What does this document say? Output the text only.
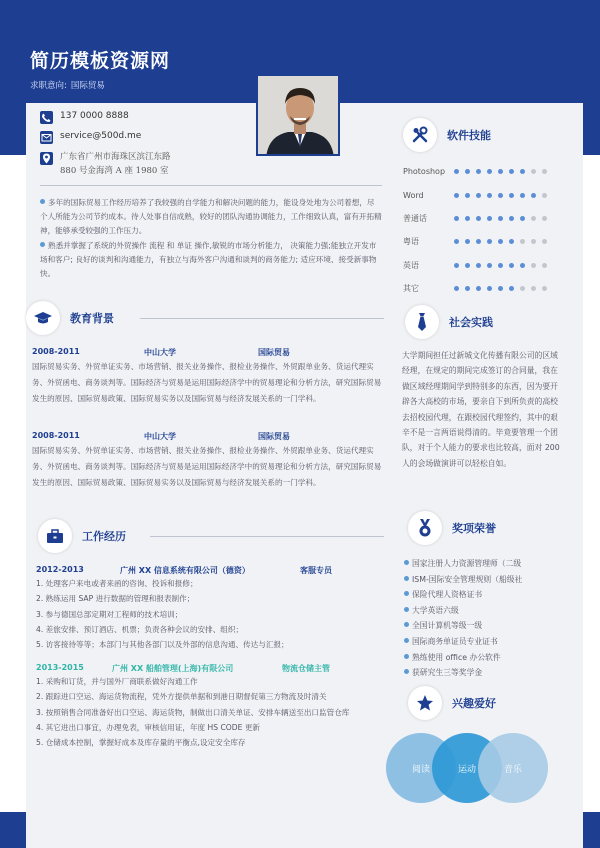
简历模板资源网
求职意向: 国际贸易
137 0000 8888
service@500d.me
广东省广州市海珠区滨江东路
880 号金海湾 A 座 1980 室

多年的国际贸易工作经历培养了我较强的自学能力和解决问题的能力，能设身处地为公司着想，尽个人所能为公司节约成本。待人处事自信成熟，较好的团队沟通协调能力，工作细致认真，富有开拓精神，能够承受较强的工作压力。

熟悉并掌握了系统的外贸操作 流程 和 单证 操作,敏锐的市场分析能力， 决策能力强;能独立开发市场和客户; 良好的谈判和沟通能力，有独立与海外客户沟通和谈判的商务能力; 适应环境、接受新事物快。

教育背景
2008-2011	中山大学	国际贸易
国际贸易实务、外贸单证实务、市场营销、报关业务操作、报检业务操作、外贸跟单业务、货运代理实务、外贸函电、商务谈判等。国际经济与贸易是运用国际经济学中的贸易理论和分析方法，研究国际贸易发生的原因、国际贸易政策、国际贸易实务以及国际贸易与经济发展关系的一门学科。
2008-2011	中山大学	国际贸易
国际贸易实务、外贸单证实务、市场营销、报关业务操作、报检业务操作、外贸跟单业务、货运代理实务、外贸函电、商务谈判等。国际经济与贸易是运用国际经济学中的贸易理论和分析方法，研究国际贸易发生的原因、国际贸易政策、国际贸易实务以及国际贸易与经济发展关系的一门学科。
工作经历
2012-2013	广州 XX 信息系统有限公司（德资）	客服专员
1. 处理客户来电或者来函的咨询、投诉和报修；
2. 熟练运用 SAP 进行数据的管理和报表制作；
3. 参与德国总部定期对工程师的技术培训；
4. 差旅安排、预订酒店、机票；负责各种会议的安排、组织；
5. 访客接待等等；本部门与其他各部门以及外部的信息沟通、传达与汇报；
2013-2015	广州 XX 船舶管理(上海)有限公司	物流仓储主管
1. 采购和订货，并与国外厂商联系做好沟通工作
2. 跟踪进口空运、海运货物流程，凭外方提供单据和到港日期督促第三方物流及时清关
3. 按照销售合同准备好出口空运、海运货物，制做出口清关单证、安排车辆送至出口监管仓库
4. 其它进出口事宜，办理免表，审核信用证，年度 HS CODE 更新
5. 仓储成本控制，掌握好成本及库存量的平衡点,设定安全库存
软件技能
Photoshop
Word
普通话
粤语
英语
其它
社会实践
大学期间担任过新城文化传播有限公司的区域经理，在规定的期间完成签订的合同量，我在做区域经理期间学到特别多的东西，因为要开辟各大高校的市场，要亲自下到所负责的高校去招校园代理，在跟校园代理签约，其中的艰辛不是一言两语说得清的。毕竟要管理一个团队，对于个人能力的要求也比较高，面对 200 人的会场做演讲可以轻松自如。
奖项荣誉
国家注册人力资源管理师（二级
ISM-国际安全管理规则（船级社
保险代理人资格证书
大学英语六级
全国计算机等级一级
国际商务单证员专业证书
熟练使用 office 办公软件
获研究生三等奖学金
兴趣爱好
阅读	运动	音乐
